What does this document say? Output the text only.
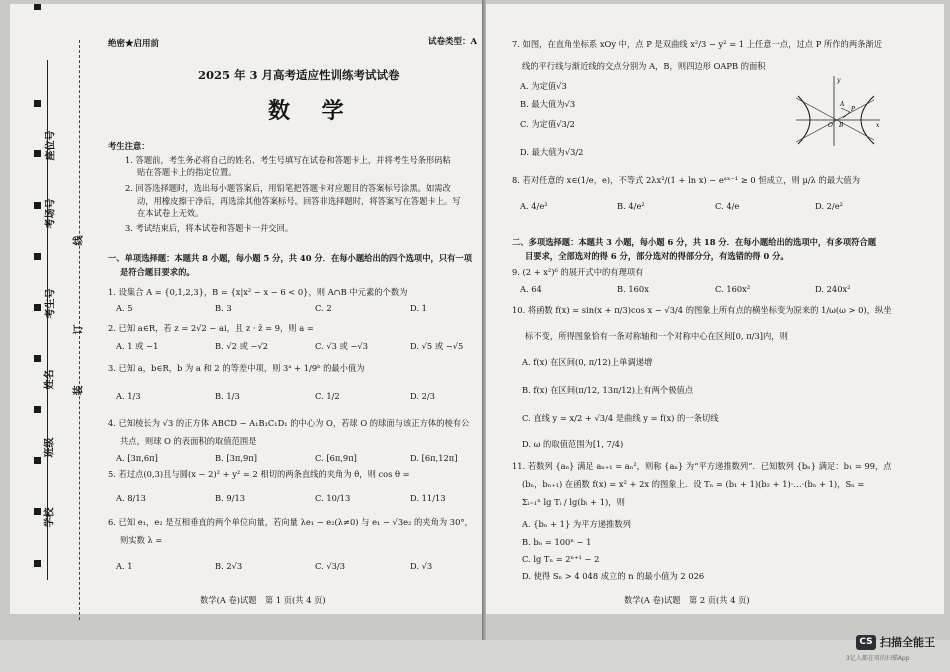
座位号
考场号
考生号
姓名
班级
学校
线
订
装
绝密★启用前	试卷类型：A
2025 年 3 月高考适应性训练考试试卷
数 学
考生注意：
1. 答题前，考生务必将自己的姓名、考生号填写在试卷和答题卡上，并将考生号条形码粘
贴在答题卡上的指定位置。
2. 回答选择题时，选出每小题答案后，用铅笔把答题卡对应题目的答案标号涂黑。如需改
动，用橡皮擦干净后，再选涂其他答案标号。回答非选择题时，将答案写在答题卡上。写
在本试卷上无效。
3. 考试结束后，将本试卷和答题卡一并交回。
一、单项选择题：本题共 8 小题，每小题 5 分，共 40 分．在每小题给出的四个选项中，只有一项
是符合题目要求的。
1. 设集合 A = {0,1,2,3}，B = {x|x² − x − 6 < 0}，则 A∩B 中元素的个数为
A. 5	B. 3	C. 2	D. 1
2. 已知 a∈R，若 z = 2√2 − ai，且 z · z̄ = 9，则 a =
A. 1 或 −1	B. √2 或 −√2	C. √3 或 −√3	D. √5 或 −√5
3. 已知 a，b∈R，b 为 a 和 2 的等差中项，则 3ᵃ + 1/9ᵇ 的最小值为
A. 1/3	B. 1/3	C. 1/2	D. 2/3
4. 已知棱长为 √3 的正方体 ABCD − A₁B₁C₁D₁ 的中心为 O，若球 O 的球面与该正方体的棱有公
共点，则球 O 的表面积的取值范围是
A. [3π,6π]	B. [3π,9π]	C. [6π,9π]	D. [6π,12π]
5. 若过点(0,3)且与圆(x − 2)² + y² = 2 相切的两条直线的夹角为 θ，则 cos θ =
A. 8/13	B. 9/13	C. 10/13	D. 11/13
6. 已知 e₁，e₂ 是互相垂直的两个单位向量，若向量 λe₁ − e₂(λ≠0) 与 e₁ − √3e₂ 的夹角为 30°，
则实数 λ =
A. 1	B. 2√3	C. √3/3	D. √3
数学(A 卷)试题　第 1 页(共 4 页)
7. 如图，在直角坐标系 xOy 中，点 P 是双曲线 x²/3 − y² = 1 上任意一点，过点 P 所作的两条渐近
线的平行线与渐近线的交点分别为 A，B，则四边形 OAPB 的面积
A. 为定值√3
B. 最大值为√3
C. 为定值√3/2
D. 最大值为√3/2
y
x
O
P
A
B
8. 若对任意的 x∈(1/e，e)，不等式 2λx²/(1 + ln x) − eᵃˣ⁻¹ ≥ 0 恒成立，则 μ/λ 的最大值为
A. 4/e²	B. 4/e²	C. 4/e	D. 2/e²
二、多项选择题：本题共 3 小题，每小题 6 分，共 18 分．在每小题给出的选项中，有多项符合题
目要求，全部选对的得 6 分，部分选对的得部分分，有选错的得 0 分。
9. (2 + x²)⁶ 的展开式中的有理项有
A. 64	B. 160x	C. 160x²	D. 240x²
10. 将函数 f(x) = sin(x + π/3)cos x − √3/4 的图象上所有点的横坐标变为原来的 1/ω(ω > 0)，纵坐
标不变，所得图象恰有一条对称轴和一个对称中心在区间[0, π/3]内，则
A. f(x) 在区间(0, π/12)上单调递增
B. f(x) 在区间(π/12, 13π/12)上有两个极值点
C. 直线 y = x/2 + √3/4 是曲线 y = f(x) 的一条切线
D. ω 的取值范围为[1, 7/4)
11. 若数列 {aₙ} 满足 aₙ₊₁ = aₙ²，则称 {aₙ} 为“平方递推数列”．已知数列 {bₙ} 满足：b₁ = 99，点
(bₙ，bₙ₊₁) 在函数 f(x) = x² + 2x 的图象上．设 Tₙ = (b₁ + 1)(b₂ + 1)·…·(bₙ + 1)，Sₙ =
Σᵢ₌₁ⁿ lg Tᵢ / lg(bᵢ + 1)，则
A. {bₙ + 1} 为平方递推数列
B. bₙ = 100ⁿ − 1
C. lg Tₙ = 2ⁿ⁺¹ − 2
D. 使得 Sₙ > 4 048 成立的 n 的最小值为 2 026
数学(A 卷)试题　第 2 页(共 4 页)
CS 扫描全能王
3亿人都在用的扫描App
